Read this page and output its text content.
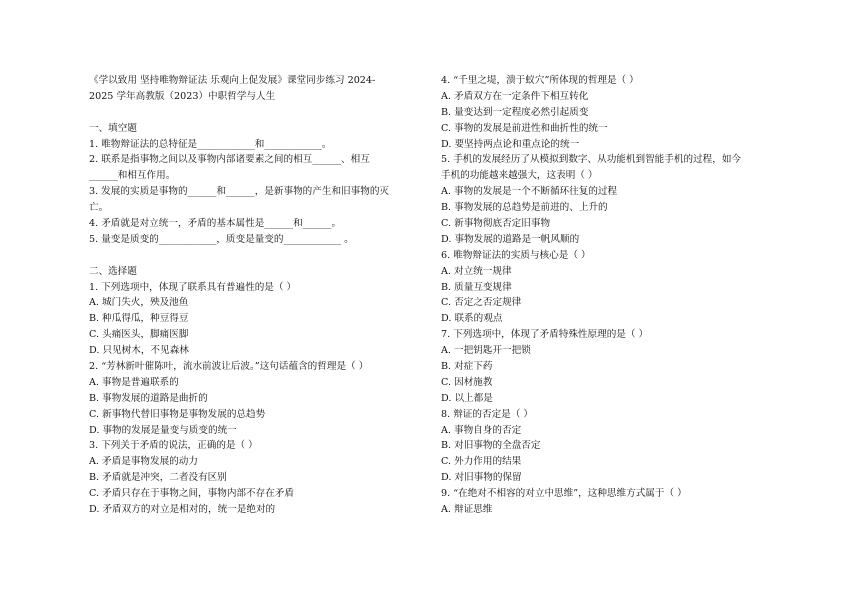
《学以致用 坚持唯物辩证法 乐观向上促发展》课堂同步练习 2024-
2025 学年高教版（2023）中职哲学与人生
一、填空题
1. 唯物辩证法的总特征是____________和____________。
2. 联系是指事物之间以及事物内部诸要素之间的相互______、相互
______和相互作用。
3. 发展的实质是事物的______和______，是新事物的产生和旧事物的灭
亡。
4. 矛盾就是对立统一，矛盾的基本属性是______和______。
5. 量变是质变的____________，质变是量变的____________ 。
二、选择题
1. 下列选项中，体现了联系具有普遍性的是（ ）
A. 城门失火，殃及池鱼
B. 种瓜得瓜，种豆得豆
C. 头痛医头，脚痛医脚
D. 只见树木，不见森林
2. “芳林新叶催陈叶，流水前波让后波。”这句话蕴含的哲理是（ ）
A. 事物是普遍联系的
B. 事物发展的道路是曲折的
C. 新事物代替旧事物是事物发展的总趋势
D. 事物的发展是量变与质变的统一
3. 下列关于矛盾的说法，正确的是（ ）
A. 矛盾是事物发展的动力
B. 矛盾就是冲突，二者没有区别
C. 矛盾只存在于事物之间，事物内部不存在矛盾
D. 矛盾双方的对立是相对的，统一是绝对的
4. “千里之堤，溃于蚁穴”所体现的哲理是（ ）
A. 矛盾双方在一定条件下相互转化
B. 量变达到一定程度必然引起质变
C. 事物的发展是前进性和曲折性的统一
D. 要坚持两点论和重点论的统一
5. 手机的发展经历了从模拟到数字、从功能机到智能手机的过程，如今
手机的功能越来越强大，这表明（ ）
A. 事物的发展是一个不断循环往复的过程
B. 事物发展的总趋势是前进的、上升的
C. 新事物彻底否定旧事物
D. 事物发展的道路是一帆风顺的
6. 唯物辩证法的实质与核心是（ ）
A. 对立统一规律
B. 质量互变规律
C. 否定之否定规律
D. 联系的观点
7. 下列选项中，体现了矛盾特殊性原理的是（ ）
A. 一把钥匙开一把锁
B. 对症下药
C. 因材施教
D. 以上都是
8. 辩证的否定是（ ）
A. 事物自身的否定
B. 对旧事物的全盘否定
C. 外力作用的结果
D. 对旧事物的保留
9. “在绝对不相容的对立中思维”，这种思维方式属于（ ）
A. 辩证思维
